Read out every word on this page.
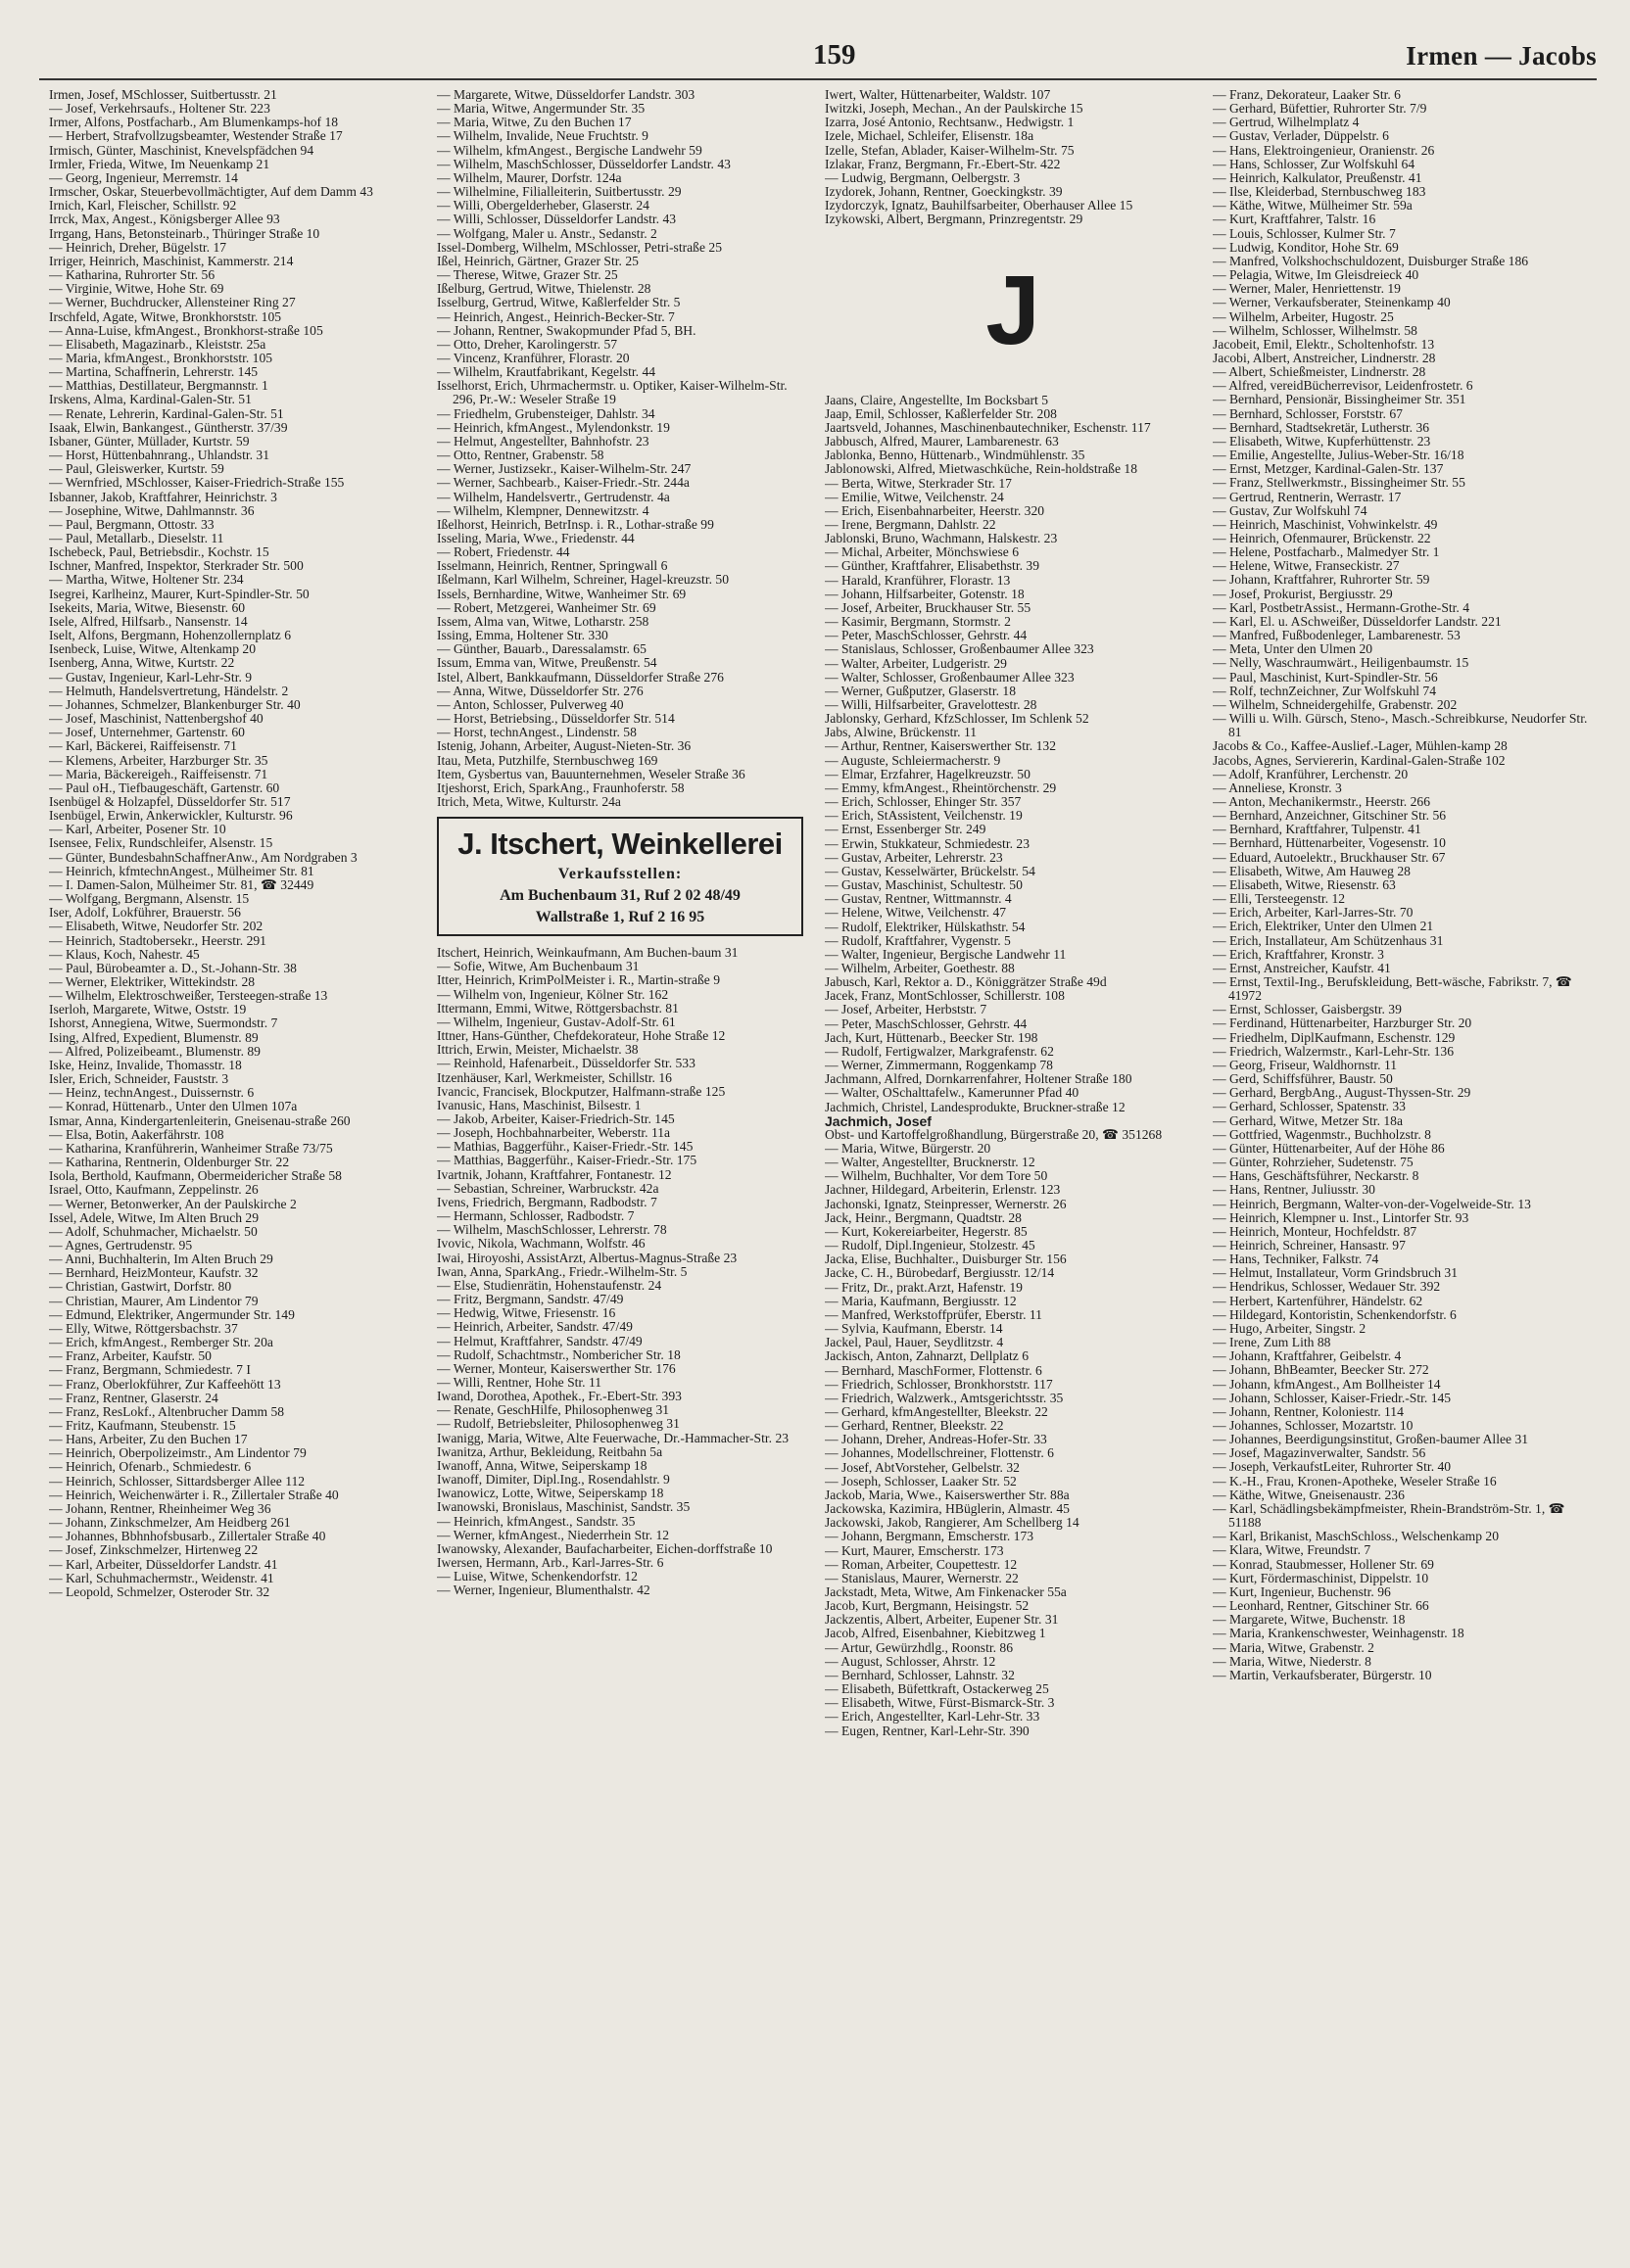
159	Irmen — Jacobs
Irmen, Josef, MSchlosser, Suitbertusstr. 21
— Josef, Verkehrsaufs., Holtener Str. 223
Irmer, Alfons, Postfacharb., Am Blumenkamps-hof 18
— Herbert, Strafvollzugsbeamter, Westender Straße 17
Irmisch, Günter, Maschinist, Knevelspfädchen 94
Irmler, Frieda, Witwe, Im Neuenkamp 21
— Georg, Ingenieur, Merremstr. 14
Irmscher, Oskar, Steuerbevollmächtigter, Auf dem Damm 43
Irnich, Karl, Fleischer, Schillstr. 92
Irrck, Max, Angest., Königsberger Allee 93
Irrgang, Hans, Betonsteinarb., Thüringer Straße 10
— Heinrich, Dreher, Bügelstr. 17
Irriger, Heinrich, Maschinist, Kammerstr. 214
— Katharina, Ruhrorter Str. 56
— Virginie, Witwe, Hohe Str. 69
— Werner, Buchdrucker, Allensteiner Ring 27
Irschfeld, Agate, Witwe, Bronkhorststr. 105
— Anna-Luise, kfmAngest., Bronkhorst-straße 105
— Elisabeth, Magazinarb., Kleiststr. 25a
— Maria, kfmAngest., Bronkhorststr. 105
— Martina, Schaffnerin, Lehrerstr. 145
— Matthias, Destillateur, Bergmannstr. 1
Irskens, Alma, Kardinal-Galen-Str. 51
— Renate, Lehrerin, Kardinal-Galen-Str. 51
Isaak, Elwin, Bankangest., Güntherstr. 37/39
Isbaner, Günter, Müllader, Kurtstr. 59
— Horst, Hüttenbahnrang., Uhlandstr. 31
— Paul, Gleiswerker, Kurtstr. 59
— Wernfried, MSchlosser, Kaiser-Friedrich-Straße 155
Isbanner, Jakob, Kraftfahrer, Heinrichstr. 3
— Josephine, Witwe, Dahlmannstr. 36
— Paul, Bergmann, Ottostr. 33
— Paul, Metallarb., Dieselstr. 11
Ischebeck, Paul, Betriebsdir., Kochstr. 15
Ischner, Manfred, Inspektor, Sterkrader Str. 500
— Martha, Witwe, Holtener Str. 234
Isegrei, Karlheinz, Maurer, Kurt-Spindler-Str. 50
Isekeits, Maria, Witwe, Biesenstr. 60
Isele, Alfred, Hilfsarb., Nansenstr. 14
Iselt, Alfons, Bergmann, Hohenzollernplatz 6
Isenbeck, Luise, Witwe, Altenkamp 20
Isenberg, Anna, Witwe, Kurtstr. 22
— Gustav, Ingenieur, Karl-Lehr-Str. 9
— Helmuth, Handelsvertretung, Händelstr. 2
— Johannes, Schmelzer, Blankenburger Str. 40
— Josef, Maschinist, Nattenbergshof 40
— Josef, Unternehmer, Gartenstr. 60
— Karl, Bäckerei, Raiffeisenstr. 71
— Klemens, Arbeiter, Harzburger Str. 35
— Maria, Bäckereigeh., Raiffeisenstr. 71
— Paul oH., Tiefbaugeschäft, Gartenstr. 60
Isenbügel & Holzapfel, Düsseldorfer Str. 517
Isenbügel, Erwin, Ankerwickler, Kulturstr. 96
— Karl, Arbeiter, Posener Str. 10
Isensee, Felix, Rundschleifer, Alsenstr. 15
— Günter, BundesbahnSchaffnerAnw., Am Nordgraben 3
— Heinrich, kfmtechnAngest., Mülheimer Str. 81
— I. Damen-Salon, Mülheimer Str. 81, ☎ 32449
— Wolfgang, Bergmann, Alsenstr. 15
Iser, Adolf, Lokführer, Brauerstr. 56
— Elisabeth, Witwe, Neudorfer Str. 202
— Heinrich, Stadtobersekr., Heerstr. 291
— Klaus, Koch, Nahestr. 45
— Paul, Bürobeamter a. D., St.-Johann-Str. 38
— Werner, Elektriker, Wittekindstr. 28
— Wilhelm, Elektroschweißer, Tersteegen-straße 13
Iserloh, Margarete, Witwe, Oststr. 19
Ishorst, Annegiena, Witwe, Suermondstr. 7
Ising, Alfred, Expedient, Blumenstr. 89
— Alfred, Polizeibeamt., Blumenstr. 89
Iske, Heinz, Invalide, Thomasstr. 18
Isler, Erich, Schneider, Fauststr. 3
— Heinz, technAngest., Duissernstr. 6
— Konrad, Hüttenarb., Unter den Ulmen 107a
Ismar, Anna, Kindergartenleiterin, Gneisenau-straße 260
— Elsa, Botin, Aakerfährstr. 108
— Katharina, Kranführerin, Wanheimer Straße 73/75
— Katharina, Rentnerin, Oldenburger Str. 22
Isola, Berthold, Kaufmann, Obermeidericher Straße 58
Israel, Otto, Kaufmann, Zeppelinstr. 26
— Werner, Betonwerker, An der Paulskirche 2
Issel, Adele, Witwe, Im Alten Bruch 29
— Adolf, Schuhmacher, Michaelstr. 50
— Agnes, Gertrudenstr. 95
— Anni, Buchhalterin, Im Alten Bruch 29
— Bernhard, HeizMonteur, Kaufstr. 32
— Christian, Gastwirt, Dorfstr. 80
— Christian, Maurer, Am Lindentor 79
— Edmund, Elektriker, Angermunder Str. 149
— Elly, Witwe, Röttgersbachstr. 37
— Erich, kfmAngest., Remberger Str. 20a
— Franz, Arbeiter, Kaufstr. 50
— Franz, Bergmann, Schmiedestr. 7 I
— Franz, Oberlokführer, Zur Kaffeehött 13
— Franz, Rentner, Glaserstr. 24
— Franz, ResLokf., Altenbrucher Damm 58
— Fritz, Kaufmann, Steubenstr. 15
— Hans, Arbeiter, Zu den Buchen 17
— Heinrich, Oberpolizeimstr., Am Lindentor 79
— Heinrich, Ofenarb., Schmiedestr. 6
— Heinrich, Schlosser, Sittardsberger Allee 112
— Heinrich, Weichenwärter i. R., Zillertaler Straße 40
— Johann, Rentner, Rheinheimer Weg 36
— Johann, Zinkschmelzer, Am Heidberg 261
— Johannes, Bbhnhofsbusarb., Zillertaler Straße 40
— Josef, Zinkschmelzer, Hirtenweg 22
— Karl, Arbeiter, Düsseldorfer Landstr. 41
— Karl, Schuhmachermstr., Weidenstr. 41
— Leopold, Schmelzer, Osteroder Str. 32
— Margarete, Witwe, Düsseldorfer Landstr. 303
— Maria, Witwe, Angermunder Str. 35
— Maria, Witwe, Zu den Buchen 17
— Wilhelm, Invalide, Neue Fruchtstr. 9
— Wilhelm, kfmAngest., Bergische Landwehr 59
— Wilhelm, MaschSchlosser, Düsseldorfer Landstr. 43
— Wilhelm, Maurer, Dorfstr. 124a
— Wilhelmine, Filialleiterin, Suitbertusstr. 29
— Willi, Obergelderheber, Glaserstr. 24
— Willi, Schlosser, Düsseldorfer Landstr. 43
— Wolfgang, Maler u. Anstr., Sedanstr. 2
Issel-Domberg, Wilhelm, MSchlosser, Petri-straße 25
Ißel, Heinrich, Gärtner, Grazer Str. 25
— Therese, Witwe, Grazer Str. 25
Ißelburg, Gertrud, Witwe, Thielenstr. 28
Isselburg, Gertrud, Witwe, Kaßlerfelder Str. 5
— Heinrich, Angest., Heinrich-Becker-Str. 7
— Johann, Rentner, Swakopmunder Pfad 5, BH.
— Otto, Dreher, Karolingerstr. 57
— Vincenz, Kranführer, Florastr. 20
— Wilhelm, Krautfabrikant, Kegelstr. 44
Isselhorst, Erich, Uhrmachermstr. u. Optiker, Kaiser-Wilhelm-Str. 296, Pr.-W.: Weseler Straße 19
— Friedhelm, Grubensteiger, Dahlstr. 34
— Heinrich, kfmAngest., Mylendonkstr. 19
— Helmut, Angestellter, Bahnhofstr. 23
— Otto, Rentner, Grabenstr. 58
— Werner, Justizsekr., Kaiser-Wilhelm-Str. 247
— Werner, Sachbearb., Kaiser-Friedr.-Str. 244a
— Wilhelm, Handelsvertr., Gertrudenstr. 4a
— Wilhelm, Klempner, Dennewitzstr. 4
Ißelhorst, Heinrich, BetrInsp. i. R., Lothar-straße 99
Isseling, Maria, Wwe., Friedenstr. 44
— Robert, Friedenstr. 44
Isselmann, Heinrich, Rentner, Springwall 6
Ißelmann, Karl Wilhelm, Schreiner, Hagel-kreuzstr. 50
Issels, Bernhardine, Witwe, Wanheimer Str. 69
— Robert, Metzgerei, Wanheimer Str. 69
Issem, Alma van, Witwe, Lotharstr. 258
Issing, Emma, Holtener Str. 330
— Günther, Bauarb., Daressalamstr. 65
Issum, Emma van, Witwe, Preußenstr. 54
Istel, Albert, Bankkaufmann, Düsseldorfer Straße 276
— Anna, Witwe, Düsseldorfer Str. 276
— Anton, Schlosser, Pulverweg 40
— Horst, Betriebsing., Düsseldorfer Str. 514
— Horst, technAngest., Lindenstr. 58
Istenig, Johann, Arbeiter, August-Nieten-Str. 36
Itau, Meta, Putzhilfe, Sternbuschweg 169
Item, Gysbertus van, Bauunternehmen, Weseler Straße 36
Itjeshorst, Erich, SparkAng., Fraunhoferstr. 58
Itrich, Meta, Witwe, Kulturstr. 24a
J. Itschert, Weinkellerei
Verkaufsstellen:
Am Buchenbaum 31, Ruf 2 02 48/49
Wallstraße 1, Ruf 2 16 95
Itschert, Heinrich, Weinkaufmann, Am Buchen-baum 31
— Sofie, Witwe, Am Buchenbaum 31
Itter, Heinrich, KrimPolMeister i. R., Martin-straße 9
— Wilhelm von, Ingenieur, Kölner Str. 162
Ittermann, Emmi, Witwe, Röttgersbachstr. 81
— Wilhelm, Ingenieur, Gustav-Adolf-Str. 61
Ittner, Hans-Günther, Chefdekorateur, Hohe Straße 12
Ittrich, Erwin, Meister, Michaelstr. 38
— Reinhold, Hafenarbeit., Düsseldorfer Str. 533
Itzenhäuser, Karl, Werkmeister, Schillstr. 16
Ivancic, Francisek, Blockputzer, Halfmann-straße 125
Ivanusic, Hans, Maschinist, Bilsestr. 1
— Jakob, Arbeiter, Kaiser-Friedrich-Str. 145
— Joseph, Hochbahnarbeiter, Weberstr. 11a
— Mathias, Baggerführ., Kaiser-Friedr.-Str. 145
— Matthias, Baggerführ., Kaiser-Friedr.-Str. 175
Ivartnik, Johann, Kraftfahrer, Fontanestr. 12
— Sebastian, Schreiner, Warbruckstr. 42a
Ivens, Friedrich, Bergmann, Radbodstr. 7
— Hermann, Schlosser, Radbodstr. 7
— Wilhelm, MaschSchlosser, Lehrerstr. 78
Ivovic, Nikola, Wachmann, Wolfstr. 46
Iwai, Hiroyoshi, AssistArzt, Albertus-Magnus-Straße 23
Iwan, Anna, SparkAng., Friedr.-Wilhelm-Str. 5
— Else, Studienrätin, Hohenstaufenstr. 24
— Fritz, Bergmann, Sandstr. 47/49
— Hedwig, Witwe, Friesenstr. 16
— Heinrich, Arbeiter, Sandstr. 47/49
— Helmut, Kraftfahrer, Sandstr. 47/49
— Rudolf, Schachtmstr., Nombericher Str. 18
— Werner, Monteur, Kaiserswerther Str. 176
— Willi, Rentner, Hohe Str. 11
Iwand, Dorothea, Apothek., Fr.-Ebert-Str. 393
— Renate, GeschHilfe, Philosophenweg 31
— Rudolf, Betriebsleiter, Philosophenweg 31
Iwanigg, Maria, Witwe, Alte Feuerwache, Dr.-Hammacher-Str. 23
Iwanitza, Arthur, Bekleidung, Reitbahn 5a
Iwanoff, Anna, Witwe, Seiperskamp 18
Iwanoff, Dimiter, Dipl.Ing., Rosendahlstr. 9
Iwanowicz, Lotte, Witwe, Seiperskamp 18
Iwanowski, Bronislaus, Maschinist, Sandstr. 35
— Heinrich, kfmAngest., Sandstr. 35
— Werner, kfmAngest., Niederrhein Str. 12
Iwanowsky, Alexander, Baufacharbeiter, Eichen-dorffstraße 10
Iwersen, Hermann, Arb., Karl-Jarres-Str. 6
— Luise, Witwe, Schenkendorfstr. 12
— Werner, Ingenieur, Blumenthalstr. 42
Iwert, Walter, Hüttenarbeiter, Waldstr. 107
Iwitzki, Joseph, Mechan., An der Paulskirche 15
Izarra, José Antonio, Rechtsanw., Hedwigstr. 1
Izele, Michael, Schleifer, Elisenstr. 18a
Izelle, Stefan, Ablader, Kaiser-Wilhelm-Str. 75
Izlakar, Franz, Bergmann, Fr.-Ebert-Str. 422
— Ludwig, Bergmann, Oelbergstr. 3
Izydorek, Johann, Rentner, Goeckingkstr. 39
Izydorczyk, Ignatz, Bauhilfsarbeiter, Oberhauser Allee 15
Izykowski, Albert, Bergmann, Prinzregentstr. 29
J
Jaans, Claire, Angestellte, Im Bocksbart 5
Jaap, Emil, Schlosser, Kaßlerfelder Str. 208
Jaartsveld, Johannes, Maschinenbautechniker, Eschenstr. 117
Jabbusch, Alfred, Maurer, Lambarenestr. 63
Jablonka, Benno, Hüttenarb., Windmühlenstr. 35
Jablonowski, Alfred, Mietwaschküche, Rein-holdstraße 18
— Berta, Witwe, Sterkrader Str. 17
— Emilie, Witwe, Veilchenstr. 24
— Erich, Eisenbahnarbeiter, Heerstr. 320
— Irene, Bergmann, Dahlstr. 22
Jablonski, Bruno, Wachmann, Halskestr. 23
— Michal, Arbeiter, Mönchswiese 6
— Günther, Kraftfahrer, Elisabethstr. 39
— Harald, Kranführer, Florastr. 13
— Johann, Hilfsarbeiter, Gotenstr. 18
— Josef, Arbeiter, Bruckhauser Str. 55
— Kasimir, Bergmann, Stormstr. 2
— Peter, MaschSchlosser, Gehrstr. 44
— Stanislaus, Schlosser, Großenbaumer Allee 323
— Walter, Arbeiter, Ludgeristr. 29
— Walter, Schlosser, Großenbaumer Allee 323
— Werner, Gußputzer, Glaserstr. 18
— Willi, Hilfsarbeiter, Gravelottestr. 28
Jablonsky, Gerhard, KfzSchlosser, Im Schlenk 52
Jabs, Alwine, Brückenstr. 11
— Arthur, Rentner, Kaiserswerther Str. 132
— Auguste, Schleiermacherstr. 9
— Elmar, Erzfahrer, Hagelkreuzstr. 50
— Emmy, kfmAngest., Rheintörchenstr. 29
— Erich, Schlosser, Ehinger Str. 357
— Erich, StAssistent, Veilchenstr. 19
— Ernst, Essenberger Str. 249
— Erwin, Stukkateur, Schmiedestr. 23
— Gustav, Arbeiter, Lehrerstr. 23
— Gustav, Kesselwärter, Brückelstr. 54
— Gustav, Maschinist, Schultestr. 50
— Gustav, Rentner, Wittmannstr. 4
— Helene, Witwe, Veilchenstr. 47
— Rudolf, Elektriker, Hülskathstr. 54
— Rudolf, Kraftfahrer, Vygenstr. 5
— Walter, Ingenieur, Bergische Landwehr 11
— Wilhelm, Arbeiter, Goethestr. 88
Jabusch, Karl, Rektor a. D., Königgrätzer Straße 49d
Jacek, Franz, MontSchlosser, Schillerstr. 108
— Josef, Arbeiter, Herbststr. 7
— Peter, MaschSchlosser, Gehrstr. 44
Jach, Kurt, Hüttenarb., Beecker Str. 198
— Rudolf, Fertigwalzer, Markgrafenstr. 62
— Werner, Zimmermann, Roggenkamp 78
Jachmann, Alfred, Dornkarrenfahrer, Holtener Straße 180
— Walter, OSchalttafelw., Kamerunner Pfad 40
Jachmich, Christel, Landesprodukte, Bruckner-straße 12
Jachmich, Josef
Obst- und Kartoffelgroßhandlung, Bürgerstraße 20, ☎ 351268
— Maria, Witwe, Bürgerstr. 20
— Walter, Angestellter, Brucknerstr. 12
— Wilhelm, Buchhalter, Vor dem Tore 50
Jachner, Hildegard, Arbeiterin, Erlenstr. 123
Jachonski, Ignatz, Steinpresser, Wernerstr. 26
Jack, Heinr., Bergmann, Quadtstr. 28
— Kurt, Kokereiarbeiter, Hegerstr. 85
— Rudolf, Dipl.Ingenieur, Stolzestr. 45
Jacka, Elise, Buchhalter., Duisburger Str. 156
Jacke, C. H., Bürobedarf, Bergiusstr. 12/14
— Fritz, Dr., prakt.Arzt, Hafenstr. 19
— Maria, Kaufmann, Bergiusstr. 12
— Manfred, Werkstoffprüfer, Eberstr. 11
— Sylvia, Kaufmann, Eberstr. 14
Jackel, Paul, Hauer, Seydlitzstr. 4
Jackisch, Anton, Zahnarzt, Dellplatz 6
— Bernhard, MaschFormer, Flottenstr. 6
— Friedrich, Schlosser, Bronkhorststr. 117
— Friedrich, Walzwerk., Amtsgerichtsstr. 35
— Gerhard, kfmAngestellter, Bleekstr. 22
— Gerhard, Rentner, Bleekstr. 22
— Johann, Dreher, Andreas-Hofer-Str. 33
— Johannes, Modellschreiner, Flottenstr. 6
— Josef, AbtVorsteher, Gelbelstr. 32
— Joseph, Schlosser, Laaker Str. 52
Jackob, Maria, Wwe., Kaiserswerther Str. 88a
Jackowska, Kazimira, HBüglerin, Almastr. 45
Jackowski, Jakob, Rangierer, Am Schellberg 14
— Johann, Bergmann, Emscherstr. 173
— Kurt, Maurer, Emscherstr. 173
— Roman, Arbeiter, Coupettestr. 12
— Stanislaus, Maurer, Wernerstr. 22
Jackstadt, Meta, Witwe, Am Finkenacker 55a
Jacob, Kurt, Bergmann, Heisingstr. 52
Jackzentis, Albert, Arbeiter, Eupener Str. 31
Jacob, Alfred, Eisenbahner, Kiebitzweg 1
— Artur, Gewürzhdlg., Roonstr. 86
— August, Schlosser, Ahrstr. 12
— Bernhard, Schlosser, Lahnstr. 32
— Elisabeth, Büfettkraft, Ostackerweg 25
— Elisabeth, Witwe, Fürst-Bismarck-Str. 3
— Erich, Angestellter, Karl-Lehr-Str. 33
— Eugen, Rentner, Karl-Lehr-Str. 390
— Franz, Dekorateur, Laaker Str. 6
— Gerhard, Büfettier, Ruhrorter Str. 7/9
— Gertrud, Wilhelmplatz 4
— Gustav, Verlader, Düppelstr. 6
— Hans, Elektroingenieur, Oranienstr. 26
— Hans, Schlosser, Zur Wolfskuhl 64
— Heinrich, Kalkulator, Preußenstr. 41
— Ilse, Kleiderbad, Sternbuschweg 183
— Käthe, Witwe, Mülheimer Str. 59a
— Kurt, Kraftfahrer, Talstr. 16
— Louis, Schlosser, Kulmer Str. 7
— Ludwig, Konditor, Hohe Str. 69
— Manfred, Volkshochschuldozent, Duisburger Straße 186
— Pelagia, Witwe, Im Gleisdreieck 40
— Werner, Maler, Henriettenstr. 19
— Werner, Verkaufsberater, Steinenkamp 40
— Wilhelm, Arbeiter, Hugostr. 25
— Wilhelm, Schlosser, Wilhelmstr. 58
Jacobeit, Emil, Elektr., Scholtenhofstr. 13
Jacobi, Albert, Anstreicher, Lindnerstr. 28
— Albert, Schießmeister, Lindnerstr. 28
— Alfred, vereidBücherrevisor, Leidenfrostetr. 6
— Bernhard, Pensionär, Bissingheimer Str. 351
— Bernhard, Schlosser, Forststr. 67
— Bernhard, Stadtsekretär, Lutherstr. 36
— Elisabeth, Witwe, Kupferhüttenstr. 23
— Emilie, Angestellte, Julius-Weber-Str. 16/18
— Ernst, Metzger, Kardinal-Galen-Str. 137
— Franz, Stellwerkmstr., Bissingheimer Str. 55
— Gertrud, Rentnerin, Werrastr. 17
— Gustav, Zur Wolfskuhl 74
— Heinrich, Maschinist, Vohwinkelstr. 49
— Heinrich, Ofenmaurer, Brückenstr. 22
— Helene, Postfacharb., Malmedyer Str. 1
— Helene, Witwe, Franseckistr. 27
— Johann, Kraftfahrer, Ruhrorter Str. 59
— Josef, Prokurist, Bergiusstr. 29
— Karl, PostbetrAssist., Hermann-Grothe-Str. 4
— Karl, El. u. ASchweißer, Düsseldorfer Landstr. 221
— Manfred, Fußbodenleger, Lambarenestr. 53
— Meta, Unter den Ulmen 20
— Nelly, Waschraumwärt., Heiligenbaumstr. 15
— Paul, Maschinist, Kurt-Spindler-Str. 56
— Rolf, technZeichner, Zur Wolfskuhl 74
— Wilhelm, Schneidergehilfe, Grabenstr. 202
— Willi u. Wilh. Gürsch, Steno-, Masch.-Schreibkurse, Neudorfer Str. 81
Jacobs & Co., Kaffee-Auslief.-Lager, Mühlen-kamp 28
Jacobs, Agnes, Serviererin, Kardinal-Galen-Straße 102
— Adolf, Kranführer, Lerchenstr. 20
— Anneliese, Kronstr. 3
— Anton, Mechanikermstr., Heerstr. 266
— Bernhard, Anzeichner, Gitschiner Str. 56
— Bernhard, Kraftfahrer, Tulpenstr. 41
— Bernhard, Hüttenarbeiter, Vogesenstr. 10
— Eduard, Autoelektr., Bruckhauser Str. 67
— Elisabeth, Witwe, Am Hauweg 28
— Elisabeth, Witwe, Riesenstr. 63
— Elli, Tersteegenstr. 12
— Erich, Arbeiter, Karl-Jarres-Str. 70
— Erich, Elektriker, Unter den Ulmen 21
— Erich, Installateur, Am Schützenhaus 31
— Erich, Kraftfahrer, Kronstr. 3
— Ernst, Anstreicher, Kaufstr. 41
— Ernst, Textil-Ing., Berufskleidung, Bett-wäsche, Fabrikstr. 7, ☎ 41972
— Ernst, Schlosser, Gaisbergstr. 39
— Ferdinand, Hüttenarbeiter, Harzburger Str. 20
— Friedhelm, DiplKaufmann, Eschenstr. 129
— Friedrich, Walzermstr., Karl-Lehr-Str. 136
— Georg, Friseur, Waldhornstr. 11
— Gerd, Schiffsführer, Baustr. 50
— Gerhard, BergbAng., August-Thyssen-Str. 29
— Gerhard, Schlosser, Spatenstr. 33
— Gerhard, Witwe, Metzer Str. 18a
— Gottfried, Wagenmstr., Buchholzstr. 8
— Günter, Hüttenarbeiter, Auf der Höhe 86
— Günter, Rohrzieher, Sudetenstr. 75
— Hans, Geschäftsführer, Neckarstr. 8
— Hans, Rentner, Juliusstr. 30
— Heinrich, Bergmann, Walter-von-der-Vogelweide-Str. 13
— Heinrich, Klempner u. Inst., Lintorfer Str. 93
— Heinrich, Monteur, Hochfeldstr. 87
— Heinrich, Schreiner, Hansastr. 97
— Hans, Techniker, Falkstr. 74
— Helmut, Installateur, Vorm Grindsbruch 31
— Hendrikus, Schlosser, Wedauer Str. 392
— Herbert, Kartenführer, Händelstr. 62
— Hildegard, Kontoristin, Schenkendorfstr. 6
— Hugo, Arbeiter, Singstr. 2
— Irene, Zum Lith 88
— Johann, Kraftfahrer, Geibelstr. 4
— Johann, BhBeamter, Beecker Str. 272
— Johann, kfmAngest., Am Bollheister 14
— Johann, Schlosser, Kaiser-Friedr.-Str. 145
— Johann, Rentner, Koloniestr. 114
— Johannes, Schlosser, Mozartstr. 10
— Johannes, Beerdigungsinstitut, Großen-baumer Allee 31
— Josef, Magazinverwalter, Sandstr. 56
— Joseph, VerkaufstLeiter, Ruhrorter Str. 40
— K.-H., Frau, Kronen-Apotheke, Weseler Straße 16
— Käthe, Witwe, Gneisenaustr. 236
— Karl, Schädlingsbekämpfmeister, Rhein-Brandström-Str. 1, ☎ 51188
— Karl, Brikanist, MaschSchloss., Welschenkamp 20
— Klara, Witwe, Freundstr. 7
— Konrad, Staubmesser, Hollener Str. 69
— Kurt, Fördermaschinist, Dippelstr. 10
— Kurt, Ingenieur, Buchenstr. 96
— Leonhard, Rentner, Gitschiner Str. 66
— Margarete, Witwe, Buchenstr. 18
— Maria, Krankenschwester, Weinhagenstr. 18
— Maria, Witwe, Grabenstr. 2
— Maria, Witwe, Niederstr. 8
— Martin, Verkaufsberater, Bürgerstr. 10
